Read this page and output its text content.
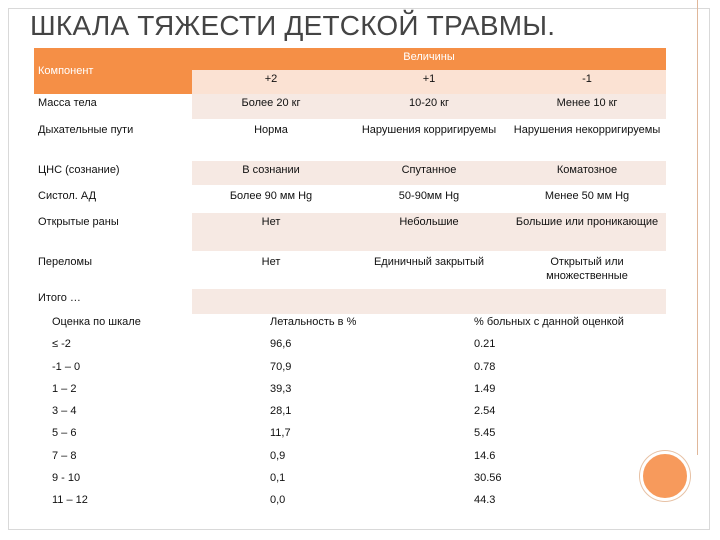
ШКАЛА ТЯЖЕСТИ ДЕТСКОЙ ТРАВМЫ.
Компонент	Величины		
	+2	+1	-1
Масса тела	Более 20 кг	10-20 кг	Менее 10 кг
Дыхательные пути	Норма	Нарушения корригируемы	Нарушения некорригируемы
ЦНС (сознание)	В сознании	Спутанное	Коматозное
Систол. АД	Более 90 мм Hg	50-90мм Hg	Менее 50 мм Hg
Открытые раны	Нет	Небольшие	Большие или проникающие
Переломы	Нет	Единичный закрытый	Открытый или множественные
Итого …			
Оценка по шкале	Летальность в %	% больных с данной оценкой
≤ -2	96,6	0.21
-1 – 0	70,9	0.78
1 – 2	39,3	1.49
3 – 4	28,1	2.54
5 – 6	11,7	5.45
7 – 8	0,9	14.6
9 - 10	0,1	30.56
11 – 12	0,0	44.3
